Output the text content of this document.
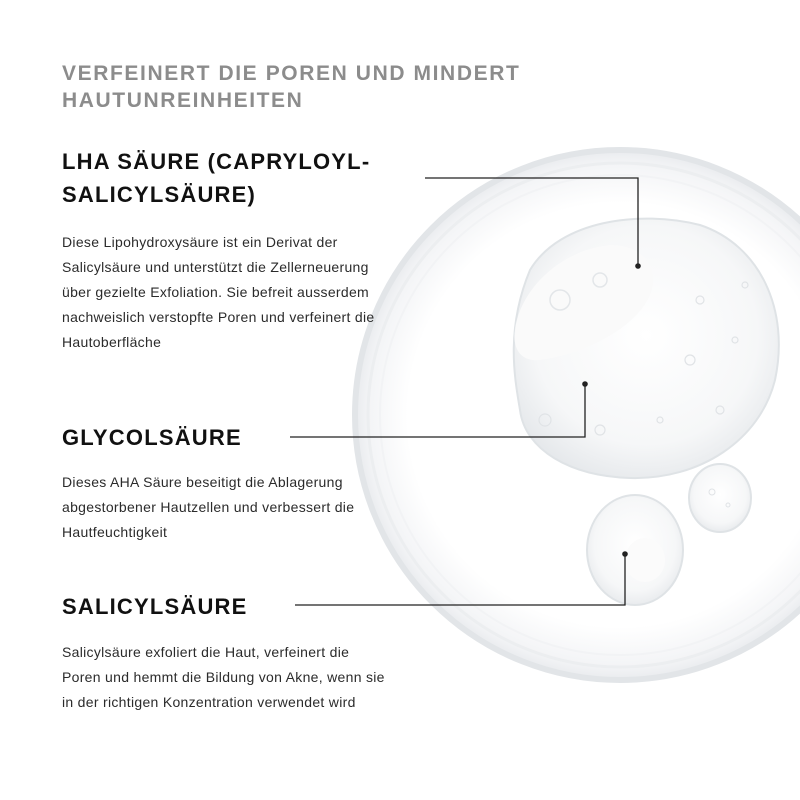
VERFEINERT DIE POREN UND MINDERT HAUTUNREINHEITEN
LHA SÄURE (CAPRYLOYL-SALICYLSÄURE)

Diese Lipohydroxysäure ist ein Derivat der Salicylsäure und unterstützt die Zellerneuerung über gezielte Exfoliation. Sie befreit ausserdem nachweislich verstopfte Poren und verfeinert die Hautoberfläche

GLYCOLSÄURE

Dieses AHA Säure beseitigt die Ablagerung abgestorbener Hautzellen und verbessert die Hautfeuchtigkeit

SALICYLSÄURE

Salicylsäure exfoliert die Haut, verfeinert die Poren und hemmt die Bildung von Akne, wenn sie in der richtigen Konzentration verwendet wird
